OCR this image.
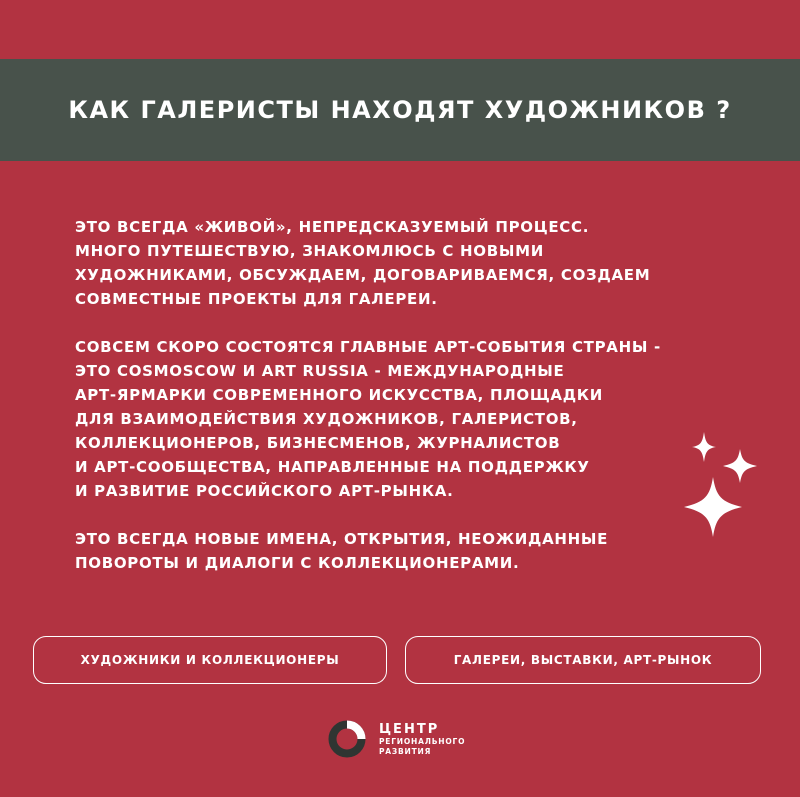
КАК ГАЛЕРИСТЫ НАХОДЯТ ХУДОЖНИКОВ ?

ЭТО ВСЕГДА «ЖИВОЙ», НЕПРЕДСКАЗУЕМЫЙ ПРОЦЕСС.
МНОГО ПУТЕШЕСТВУЮ, ЗНАКОМЛЮСЬ С НОВЫМИ
ХУДОЖНИКАМИ, ОБСУЖДАЕМ, ДОГОВАРИВАЕМСЯ, СОЗДАЕМ
СОВМЕСТНЫЕ ПРОЕКТЫ ДЛЯ ГАЛЕРЕИ.

СОВСЕМ СКОРО СОСТОЯТСЯ ГЛАВНЫЕ АРТ-СОБЫТИЯ СТРАНЫ -
ЭТО COSMOSCOW И ART RUSSIA - МЕЖДУНАРОДНЫЕ
АРТ-ЯРМАРКИ СОВРЕМЕННОГО ИСКУССТВА, ПЛОЩАДКИ
ДЛЯ ВЗАИМОДЕЙСТВИЯ ХУДОЖНИКОВ, ГАЛЕРИСТОВ,
КОЛЛЕКЦИОНЕРОВ, БИЗНЕСМЕНОВ, ЖУРНАЛИСТОВ
И АРТ-СООБЩЕСТВА, НАПРАВЛЕННЫЕ НА ПОДДЕРЖКУ
И РАЗВИТИЕ РОССИЙСКОГО АРТ-РЫНКА.

ЭТО ВСЕГДА НОВЫЕ ИМЕНА, ОТКРЫТИЯ, НЕОЖИДАННЫЕ
ПОВОРОТЫ И ДИАЛОГИ С КОЛЛЕКЦИОНЕРАМИ.

ХУДОЖНИКИ И КОЛЛЕКЦИОНЕРЫ	ГАЛЕРЕИ, ВЫСТАВКИ, АРТ-РЫНОК
ЦЕНТР
РЕГИОНАЛЬНОГО
РАЗВИТИЯ
